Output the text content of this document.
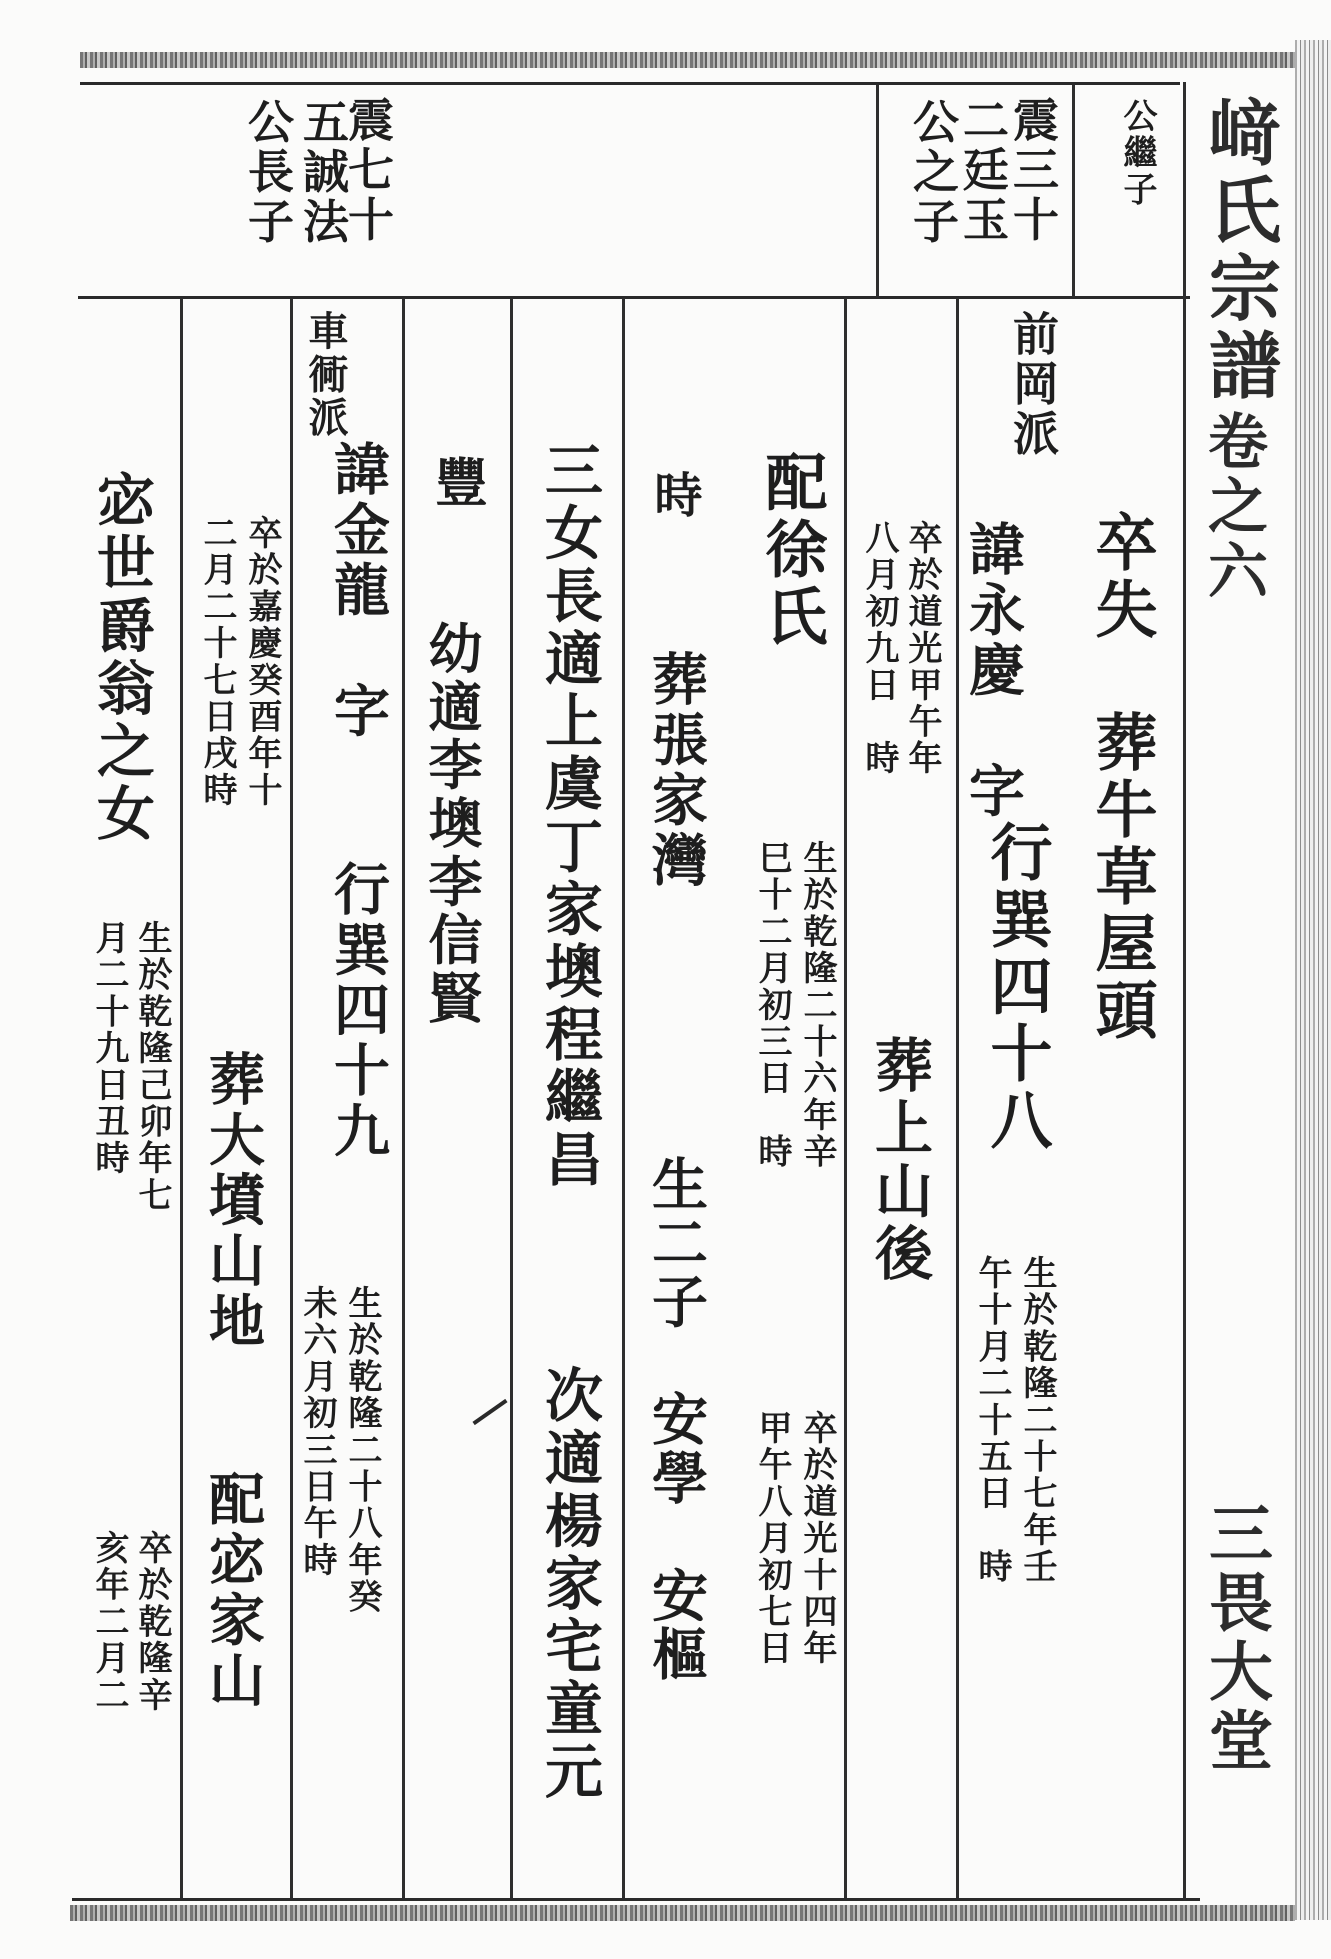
﨑氏宗譜
卷之六
三畏大堂
公繼子
震三十
二廷玉
公之子
震七十
五誠法
公長子
卒失
葬牛草屋頭
行巽四十八
生於乾隆二十七年壬
午十月二十五日　時
前岡派
諱永慶　字
卒於道光甲午年
八月初九日　時
葬上山後
配徐氏
生於乾隆二十六年辛
巳十二月初三日　時
卒於道光十四年
甲午八月初七日
時
葬張家灣
生二子　安學　安樞
三女長適上虞丁家墺程繼昌
次適楊家宅童元
豐
幼適李墺李信賢
車衕派
諱金龍　字
行巽四十九
生於乾隆二十八年癸
未六月初三日午時
卒於嘉慶癸酉年十
二月二十七日戌時
葬大墳山地
配宓家山
宓世爵翁之女
生於乾隆己卯年七
月二十九日丑時
卒於乾隆辛
亥年二月二
